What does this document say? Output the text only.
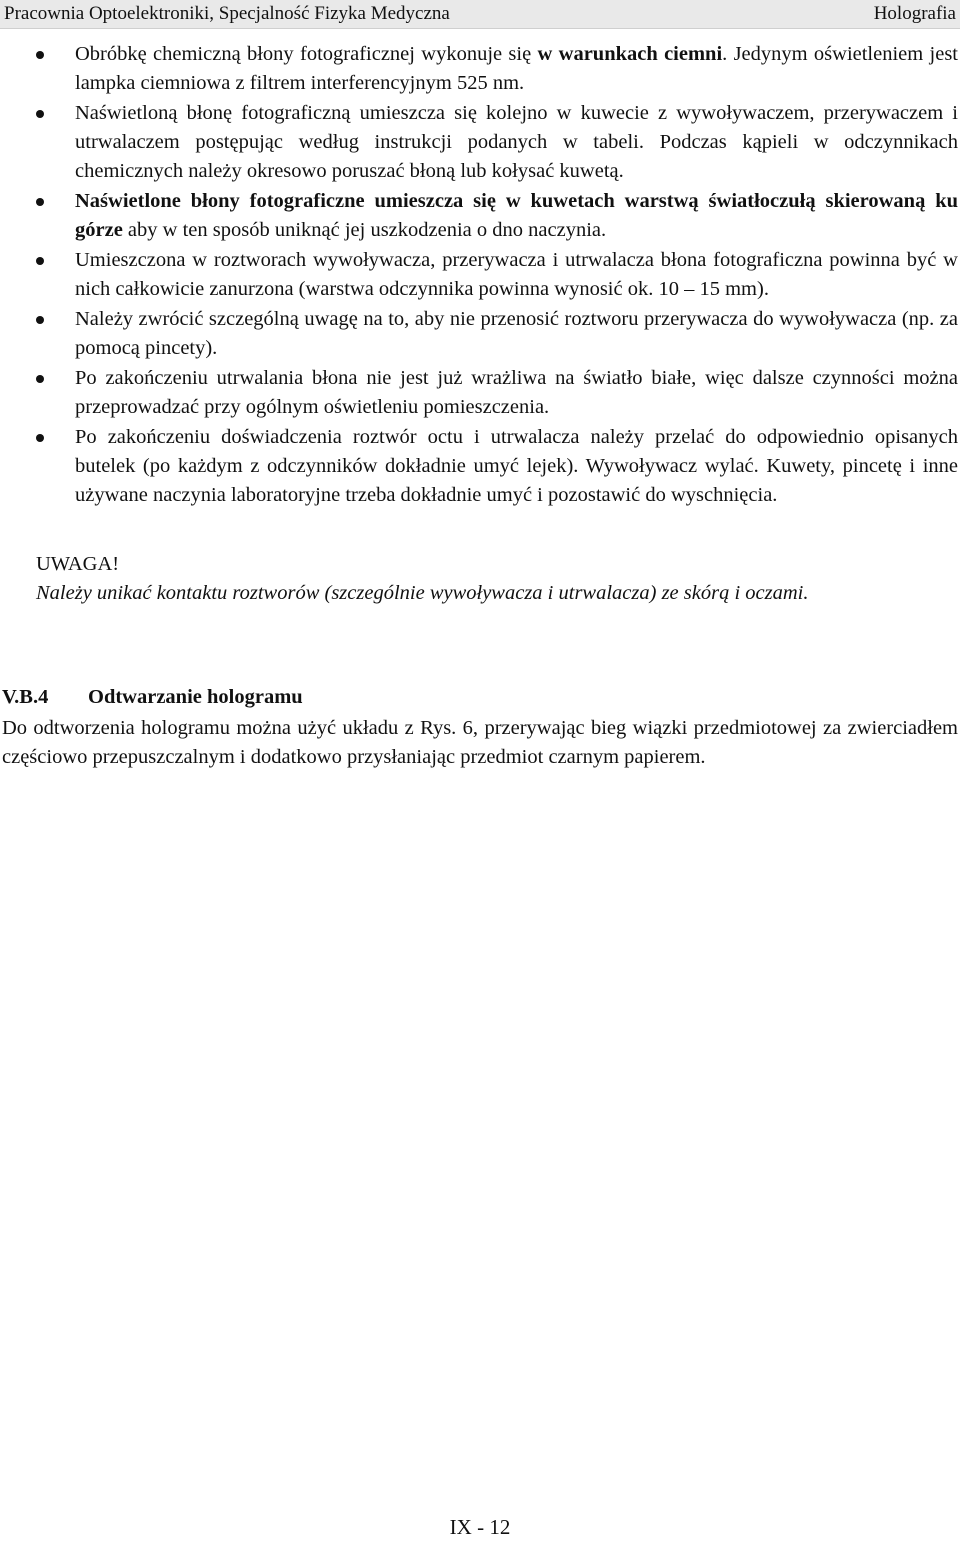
Pracownia Optoelektroniki, Specjalność Fizyka Medyczna	Holografia
Obróbkę chemiczną błony fotograficznej wykonuje się w warunkach ciemni. Jedynym oświetleniem jest lampka ciemniowa z filtrem interferencyjnym 525 nm.
Naświetloną błonę fotograficzną umieszcza się kolejno w kuwecie z wywoływaczem, przerywaczem i utrwalaczem postępując według instrukcji podanych w tabeli. Podczas kąpieli w odczynnikach chemicznych należy okresowo poruszać błoną lub kołysać kuwetą.
Naświetlone błony fotograficzne umieszcza się w kuwetach warstwą światłoczułą skierowaną ku górze aby w ten sposób uniknąć jej uszkodzenia o dno naczynia.
Umieszczona w roztworach wywoływacza, przerywacza i utrwalacza błona fotograficzna powinna być w nich całkowicie zanurzona (warstwa odczynnika powinna wynosić ok. 10 – 15 mm).
Należy zwrócić szczególną uwagę na to, aby nie przenosić roztworu przerywacza do wywoływacza (np. za pomocą pincety).
Po zakończeniu utrwalania błona nie jest już wrażliwa na światło białe, więc dalsze czynności można przeprowadzać przy ogólnym oświetleniu pomieszczenia.
Po zakończeniu doświadczenia roztwór octu i utrwalacza należy przelać do odpowiednio opisanych butelek (po każdym z odczynników dokładnie umyć lejek). Wywoływacz wylać. Kuwety, pincetę i inne używane naczynia laboratoryjne trzeba dokładnie umyć i pozostawić do wyschnięcia.
UWAGA!
Należy unikać kontaktu roztworów (szczególnie wywoływacza i utrwalacza) ze skórą i oczami.
V.B.4 Odtwarzanie hologramu
Do odtworzenia hologramu można użyć układu z Rys. 6, przerywając bieg wiązki przedmiotowej za zwierciadłem częściowo przepuszczalnym i dodatkowo przysłaniając przedmiot czarnym papierem.
IX - 12
